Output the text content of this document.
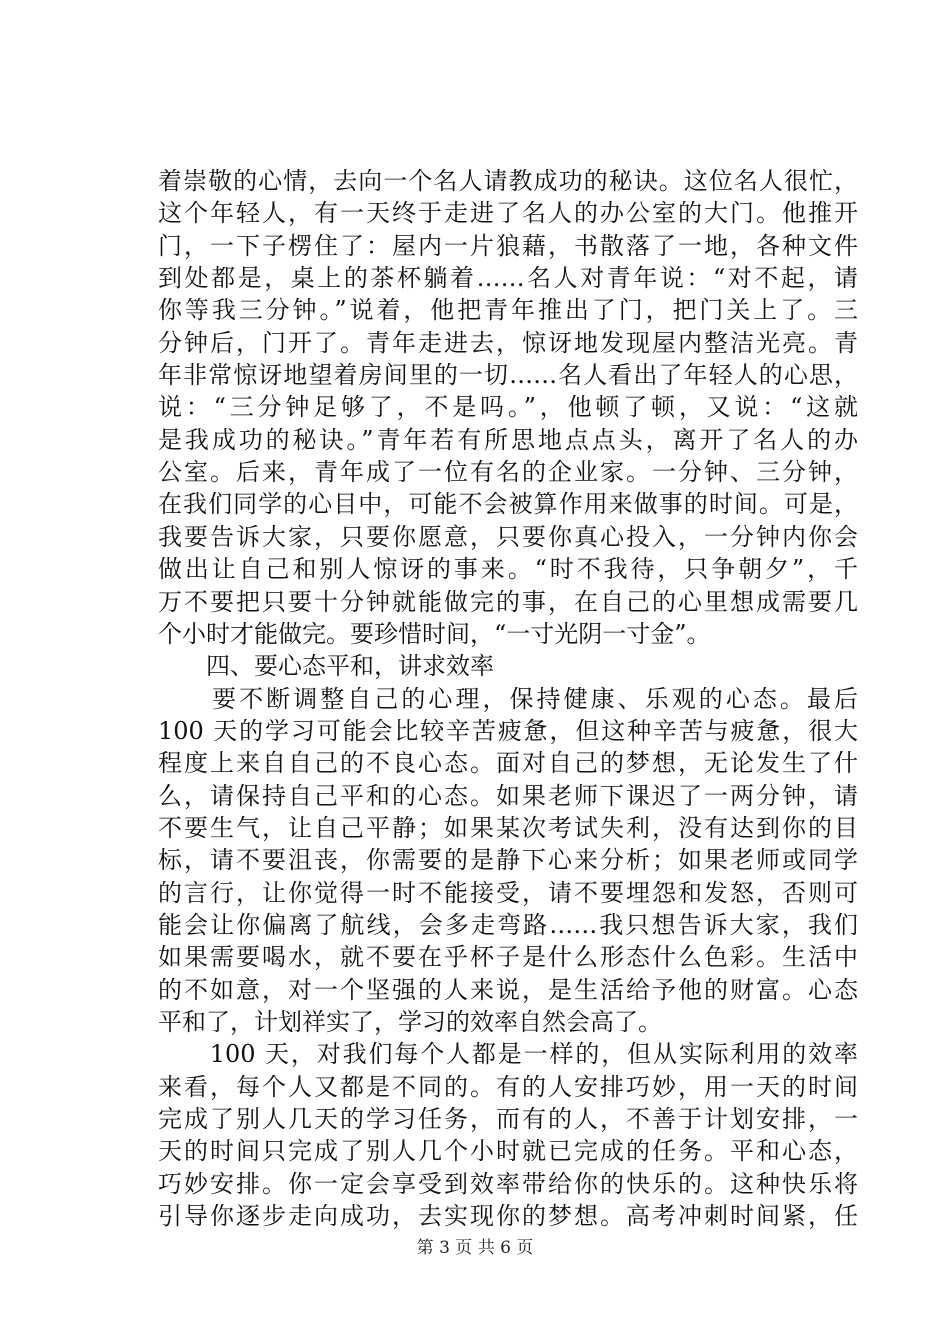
着崇敬的心情，去向一个名人请教成功的秘诀。这位名人很忙，
这个年轻人，有一天终于走进了名人的办公室的大门。他推开
门，一下子楞住了：屋内一片狼藉，书散落了一地，各种文件
到处都是，桌上的茶杯躺着……名人对青年说：“对不起，请
你等我三分钟。”说着，他把青年推出了门，把门关上了。三
分钟后，门开了。青年走进去，惊讶地发现屋内整洁光亮。青
年非常惊讶地望着房间里的一切……名人看出了年轻人的心思，
说：“三分钟足够了，不是吗。”，他顿了顿，又说：“这就
是我成功的秘诀。”青年若有所思地点点头，离开了名人的办
公室。后来，青年成了一位有名的企业家。一分钟、三分钟，
在我们同学的心目中，可能不会被算作用来做事的时间。可是，
我要告诉大家，只要你愿意，只要你真心投入，一分钟内你会
做出让自己和别人惊讶的事来。“时不我待，只争朝夕”，千
万不要把只要十分钟就能做完的事，在自己的心里想成需要几
个小时才能做完。要珍惜时间，“一寸光阴一寸金”。
　　四、要心态平和，讲求效率
　　要不断调整自己的心理，保持健康、乐观的心态。最后
100 天的学习可能会比较辛苦疲惫，但这种辛苦与疲惫，很大
程度上来自自己的不良心态。面对自己的梦想，无论发生了什
么，请保持自己平和的心态。如果老师下课迟了一两分钟，请
不要生气，让自己平静；如果某次考试失利，没有达到你的目
标，请不要沮丧，你需要的是静下心来分析；如果老师或同学
的言行，让你觉得一时不能接受，请不要埋怨和发怒，否则可
能会让你偏离了航线，会多走弯路……我只想告诉大家，我们
如果需要喝水，就不要在乎杯子是什么形态什么色彩。生活中
的不如意，对一个坚强的人来说，是生活给予他的财富。心态
平和了，计划祥实了，学习的效率自然会高了。
　　100 天，对我们每个人都是一样的，但从实际利用的效率
来看，每个人又都是不同的。有的人安排巧妙，用一天的时间
完成了别人几天的学习任务，而有的人，不善于计划安排，一
天的时间只完成了别人几个小时就已完成的任务。平和心态，
巧妙安排。你一定会享受到效率带给你的快乐的。这种快乐将
引导你逐步走向成功，去实现你的梦想。高考冲刺时间紧，任
第 3 页 共 6 页
